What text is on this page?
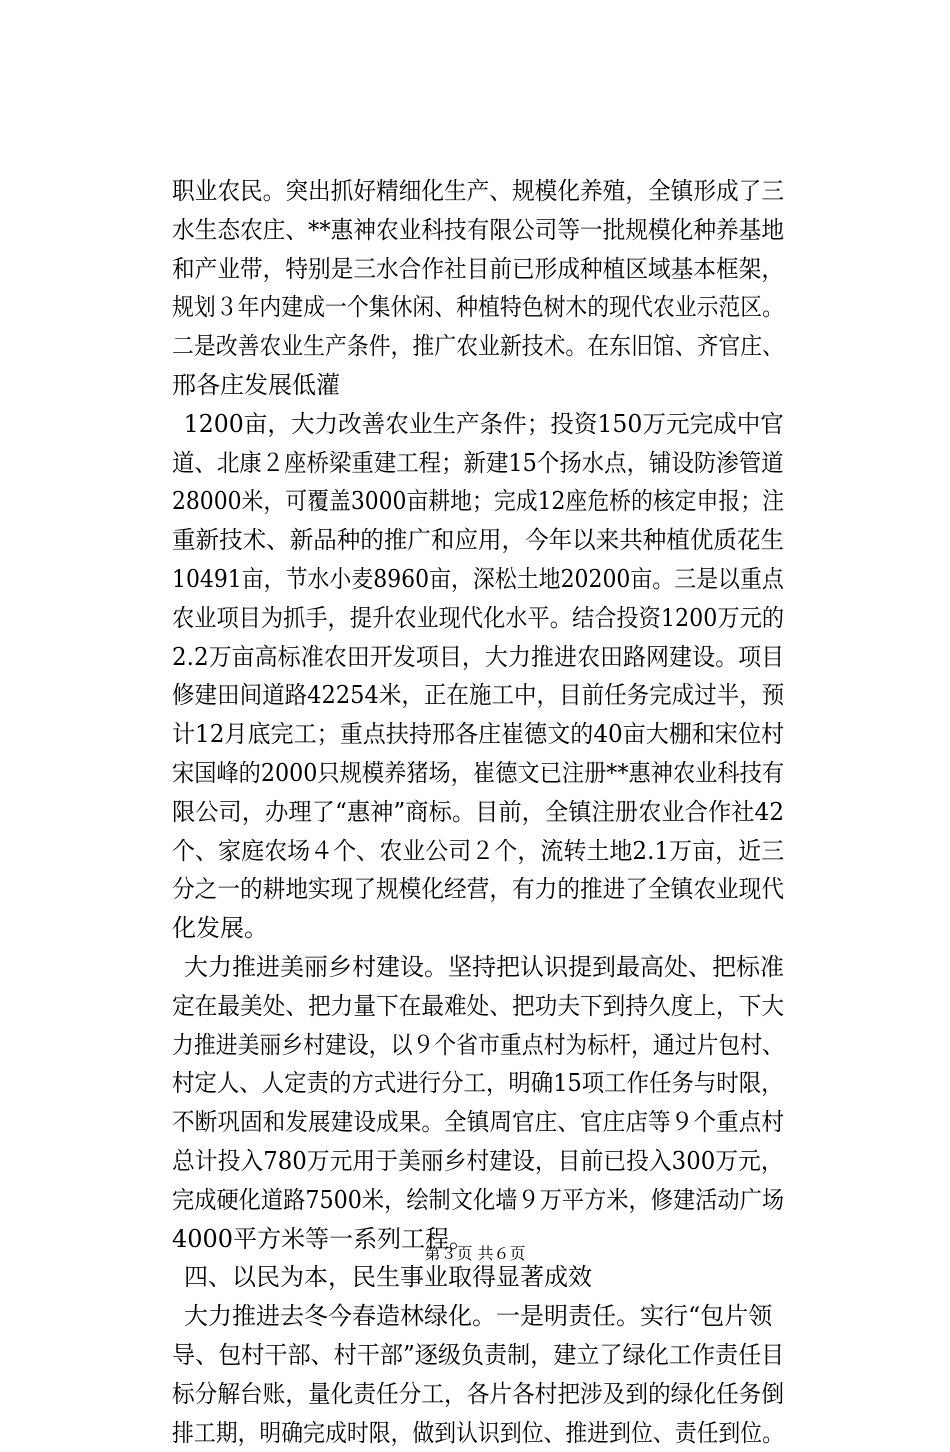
职业农民。突出抓好精细化生产、规模化养殖，全镇形成了三
水生态农庄、**惠神农业科技有限公司等一批规模化种养基地
和产业带，特别是三水合作社目前已形成种植区域基本框架，
规划３年内建成一个集休闲、种植特色树木的现代农业示范区。
二是改善农业生产条件，推广农业新技术。在东旧馆、齐官庄、
邢各庄发展低灌
1200亩，大力改善农业生产条件；投资150万元完成中官
道、北康２座桥梁重建工程；新建15个扬水点，铺设防渗管道
28000米，可覆盖3000亩耕地；完成12座危桥的核定申报；注
重新技术、新品种的推广和应用，今年以来共种植优质花生
10491亩，节水小麦8960亩，深松土地20200亩。三是以重点
农业项目为抓手，提升农业现代化水平。结合投资1200万元的
2.2万亩高标准农田开发项目，大力推进农田路网建设。项目
修建田间道路42254米，正在施工中，目前任务完成过半，预
计12月底完工；重点扶持邢各庄崔德文的40亩大棚和宋位村
宋国峰的2000只规模养猪场，崔德文已注册**惠神农业科技有
限公司，办理了“惠神”商标。目前，全镇注册农业合作社42
个、家庭农场４个、农业公司２个，流转土地2.1万亩，近三
分之一的耕地实现了规模化经营，有力的推进了全镇农业现代
化发展。
大力推进美丽乡村建设。坚持把认识提到最高处、把标准
定在最美处、把力量下在最难处、把功夫下到持久度上，下大
力推进美丽乡村建设，以９个省市重点村为标杆，通过片包村、
村定人、人定责的方式进行分工，明确15项工作任务与时限，
不断巩固和发展建设成果。全镇周官庄、官庄店等９个重点村
总计投入780万元用于美丽乡村建设，目前已投入300万元，
完成硬化道路7500米，绘制文化墙９万平方米，修建活动广场
4000平方米等一系列工程。
四、以民为本，民生事业取得显著成效
大力推进去冬今春造林绿化。一是明责任。实行“包片领
导、包村干部、村干部”逐级负责制，建立了绿化工作责任目
标分解台账，量化责任分工，各片各村把涉及到的绿化任务倒
排工期，明确完成时限，做到认识到位、推进到位、责任到位。
第３页 共６页
